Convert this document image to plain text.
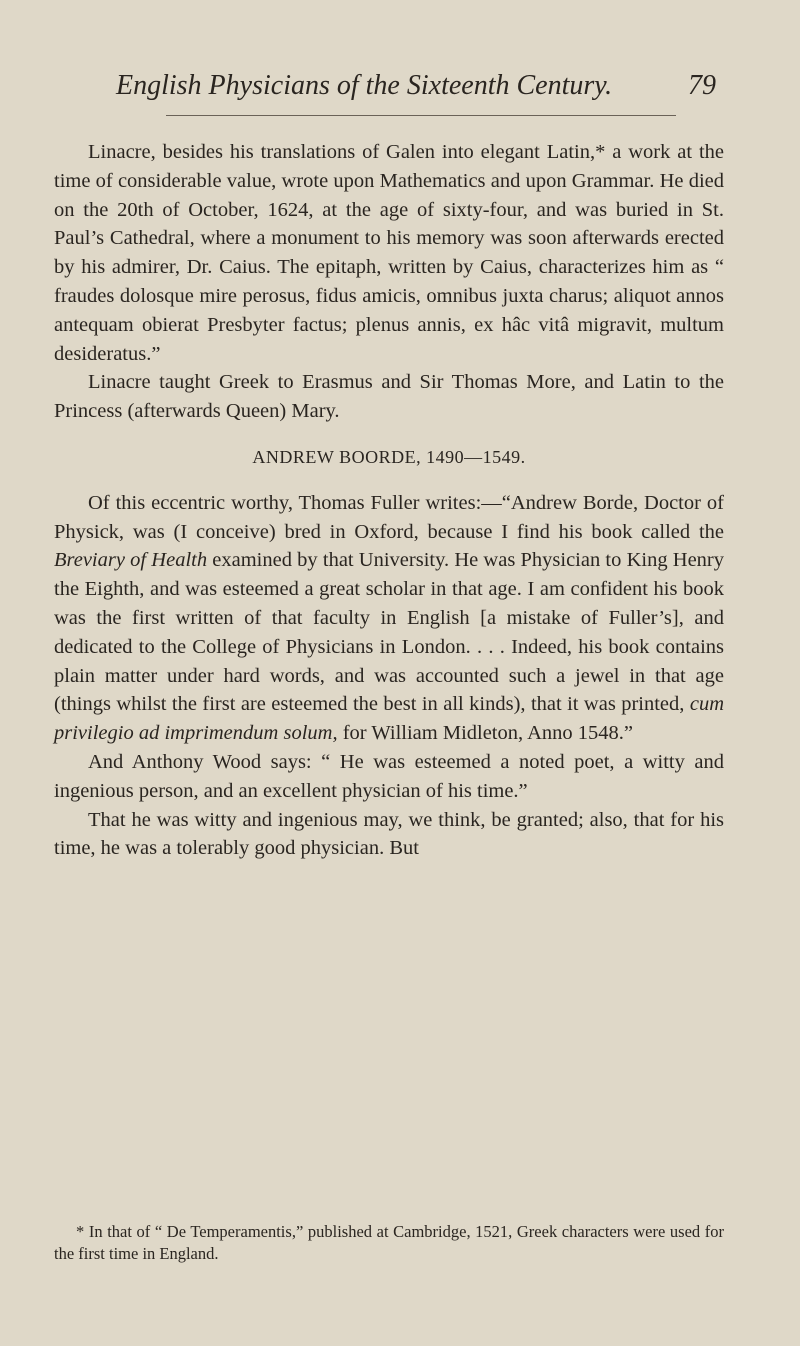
English Physicians of the Sixteenth Century.	79

Linacre, besides his translations of Galen into elegant Latin,* a work at the time of considerable value, wrote upon Mathematics and upon Grammar. He died on the 20th of October, 1624, at the age of sixty-four, and was buried in St. Paul’s Cathedral, where a monument to his memory was soon afterwards erected by his admirer, Dr. Caius. The epitaph, written by Caius, characterizes him as “ fraudes dolosque mire perosus, fidus amicis, omnibus juxta charus; aliquot annos antequam obierat Presbyter factus; plenus annis, ex hâc vitâ migravit, multum desideratus.”

Linacre taught Greek to Erasmus and Sir Thomas More, and Latin to the Princess (afterwards Queen) Mary.

ANDREW BOORDE, 1490—1549.

Of this eccentric worthy, Thomas Fuller writes:—“Andrew Borde, Doctor of Physick, was (I conceive) bred in Oxford, because I find his book called the Breviary of Health examined by that University. He was Physician to King Henry the Eighth, and was esteemed a great scholar in that age. I am confident his book was the first written of that faculty in English [a mistake of Fuller’s], and dedicated to the College of Physicians in London. . . . Indeed, his book contains plain matter under hard words, and was accounted such a jewel in that age (things whilst the first are esteemed the best in all kinds), that it was printed, cum privilegio ad imprimendum solum, for William Midleton, Anno 1548.”

And Anthony Wood says: “ He was esteemed a noted poet, a witty and ingenious person, and an excellent physician of his time.”

That he was witty and ingenious may, we think, be granted; also, that for his time, he was a tolerably good physician. But

* In that of “ De Temperamentis,” published at Cambridge, 1521, Greek characters were used for the first time in England.
